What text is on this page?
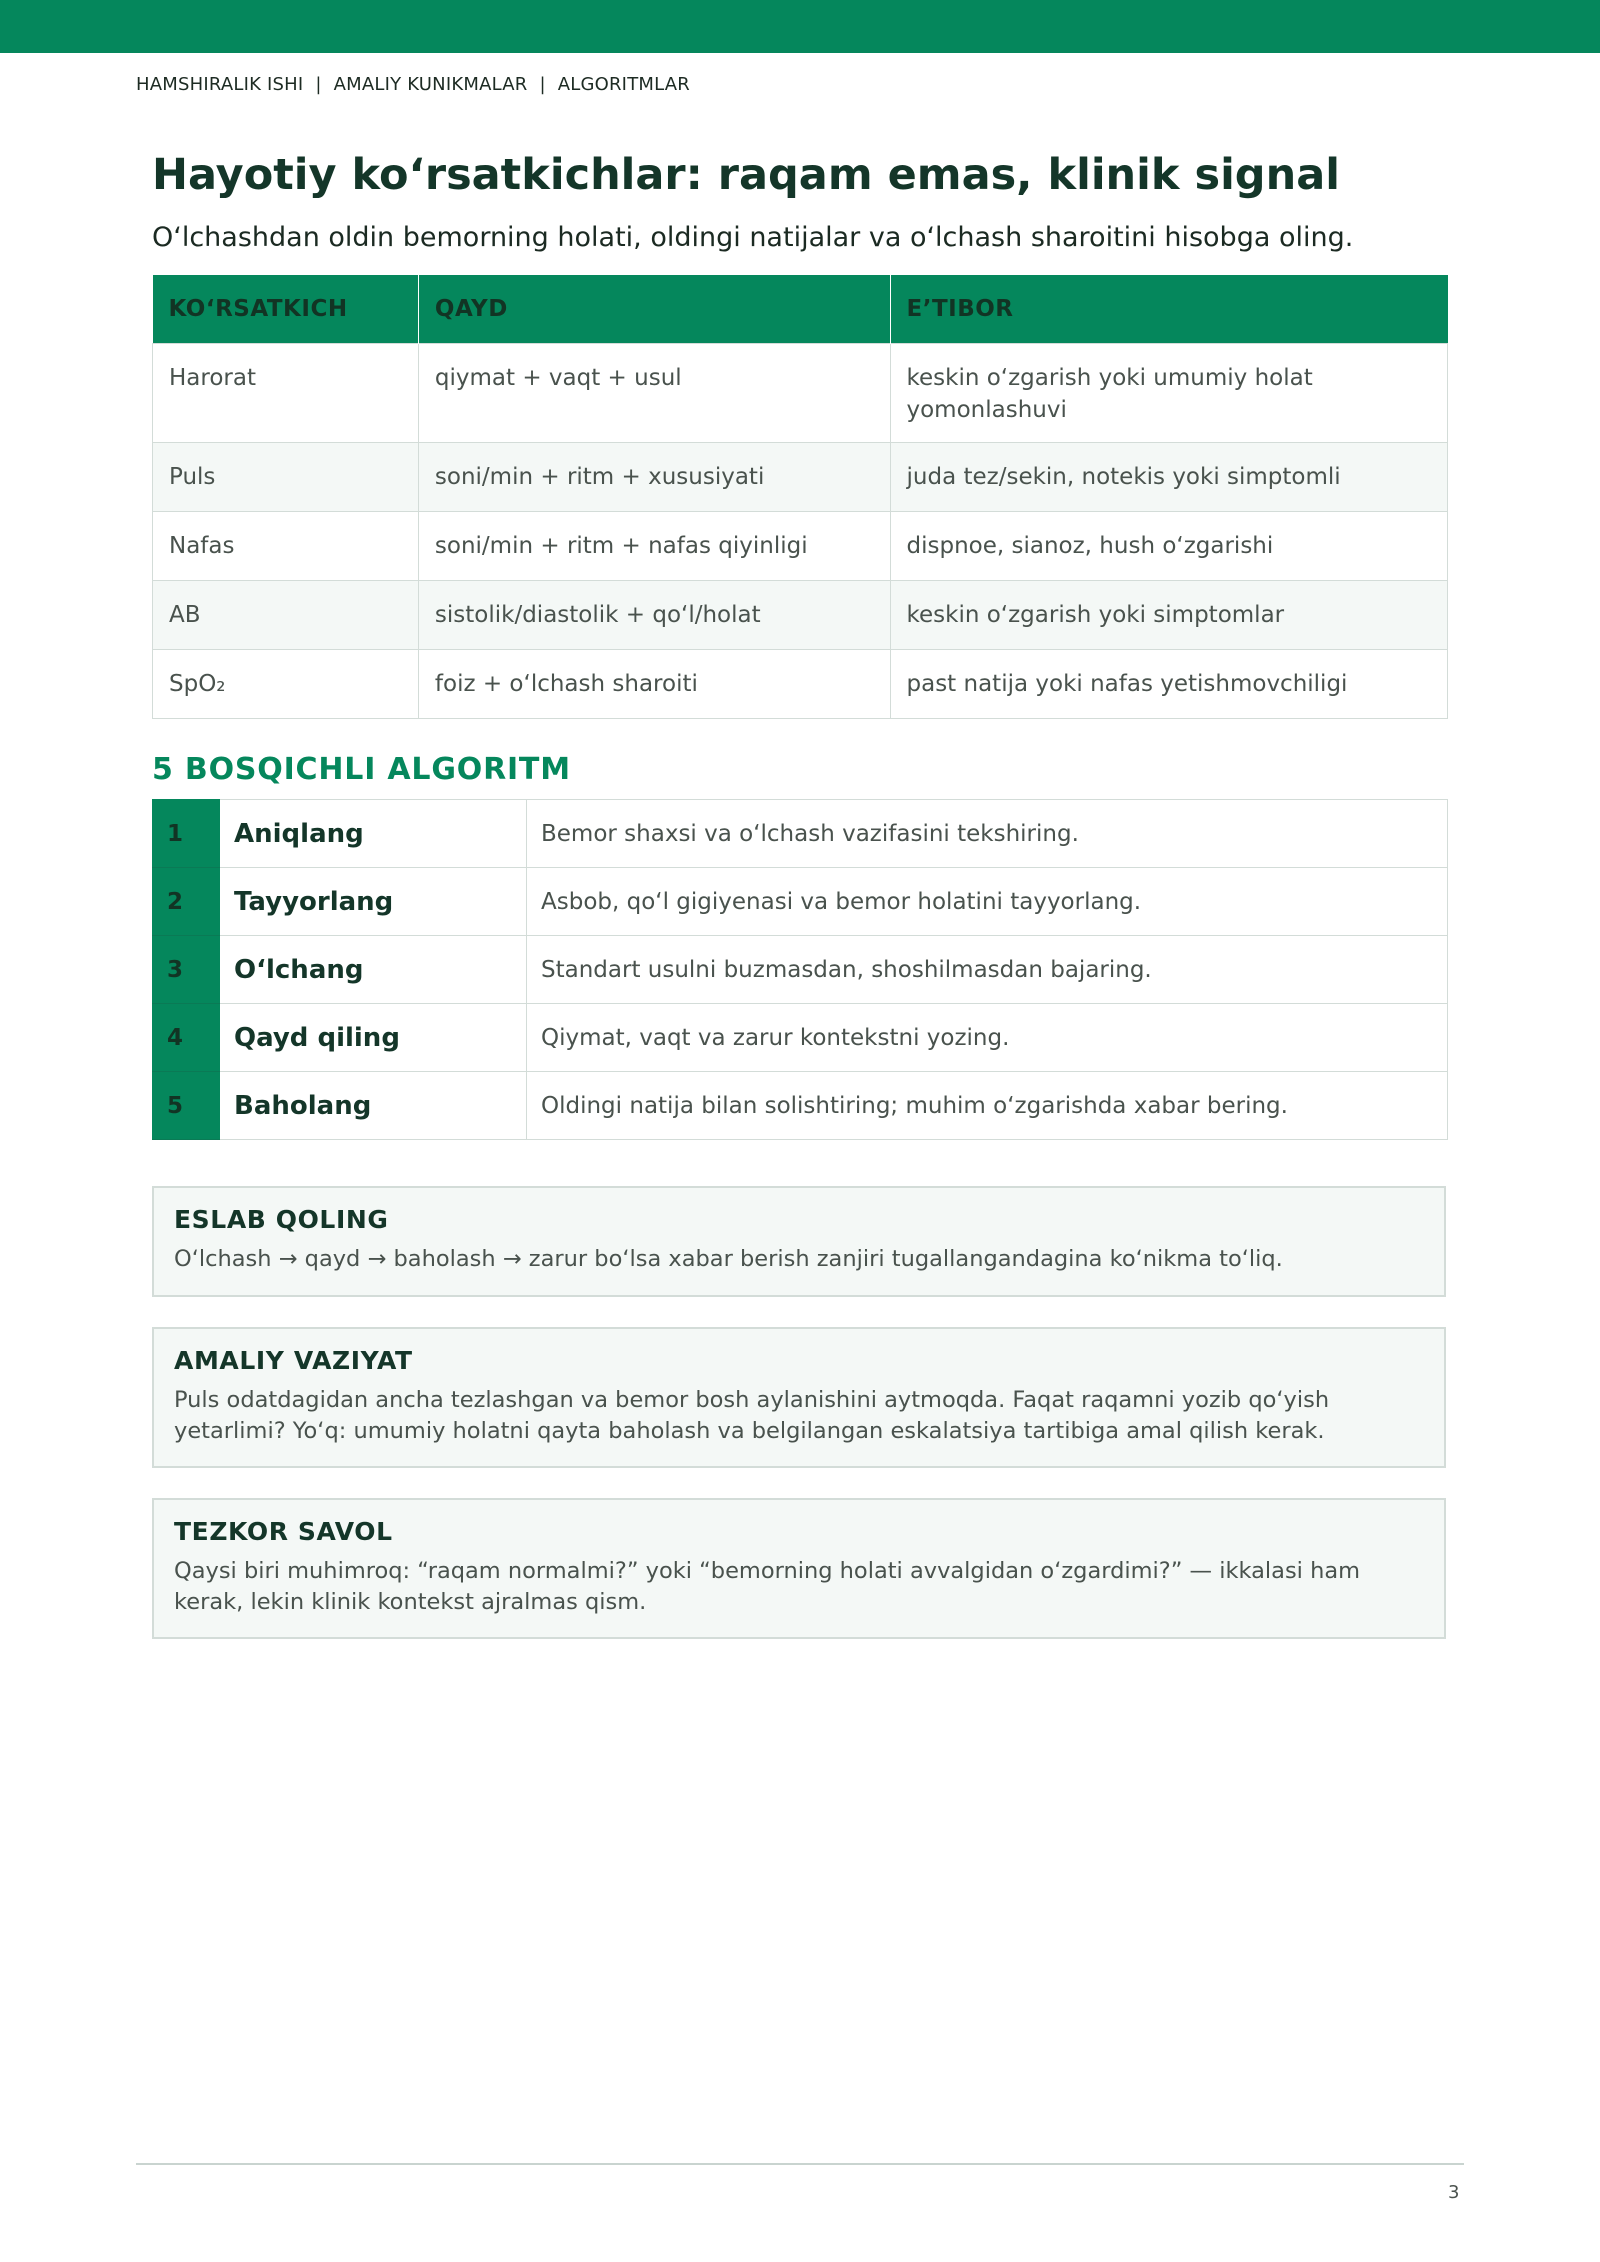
HAMSHIRALIK ISHI | AMALIY KUNIKMALAR | ALGORITMLAR
Hayotiy ko‘rsatkichlar: raqam emas, klinik signal

O‘lchashdan oldin bemorning holati, oldingi natijalar va o‘lchash sharoitini hisobga oling.

KO‘RSATKICH	QAYD	E’TIBOR
Harorat	qiymat + vaqt + usul	keskin o‘zgarish yoki umumiy holat yomonlashuvi
Puls	soni/min + ritm + xususiyati	juda tez/sekin, notekis yoki simptomli
Nafas	soni/min + ritm + nafas qiyinligi	dispnoe, sianoz, hush o‘zgarishi
AB	sistolik/diastolik + qo‘l/holat	keskin o‘zgarish yoki simptomlar
SpO₂	foiz + o‘lchash sharoiti	past natija yoki nafas yetishmovchiligi
5 BOSQICHLI ALGORITM
1	Aniqlang	Bemor shaxsi va o‘lchash vazifasini tekshiring.
2	Tayyorlang	Asbob, qo‘l gigiyenasi va bemor holatini tayyorlang.
3	O‘lchang	Standart usulni buzmasdan, shoshilmasdan bajaring.
4	Qayd qiling	Qiymat, vaqt va zarur kontekstni yozing.
5	Baholang	Oldingi natija bilan solishtiring; muhim o‘zgarishda xabar bering.
ESLAB QOLING

O‘lchash → qayd → baholash → zarur bo‘lsa xabar berish zanjiri tugallangandagina ko‘nikma to‘liq.

AMALIY VAZIYAT

Puls odatdagidan ancha tezlashgan va bemor bosh aylanishini aytmoqda. Faqat raqamni yozib qo‘yish yetarlimi? Yo‘q: umumiy holatni qayta baholash va belgilangan eskalatsiya tartibiga amal qilish kerak.

TEZKOR SAVOL

Qaysi biri muhimroq: “raqam normalmi?” yoki “bemorning holati avvalgidan o‘zgardimi?” — ikkalasi ham kerak, lekin klinik kontekst ajralmas qism.

3
